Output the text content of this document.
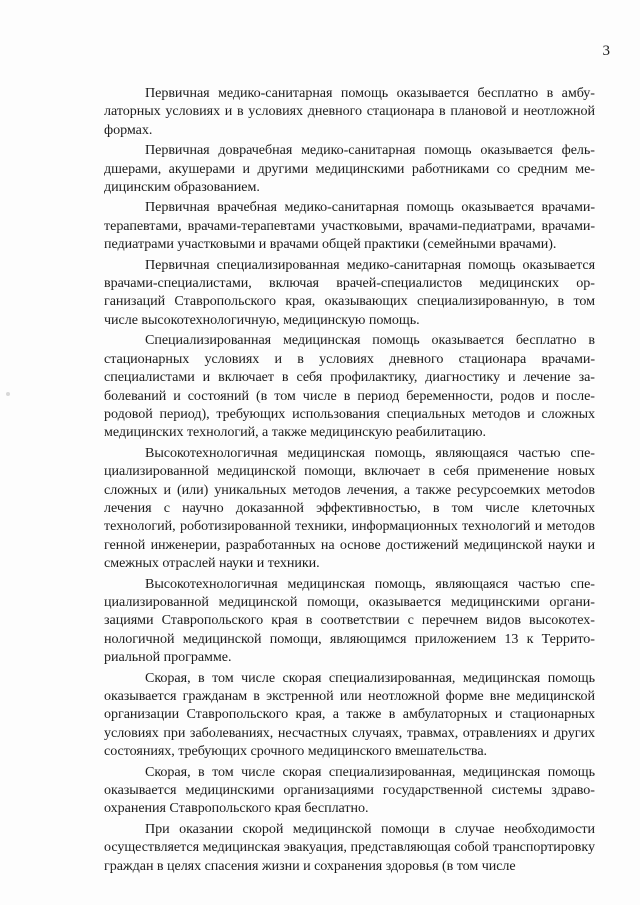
3

Первичная медико-санитарная помощь оказывается бесплатно в амбулаторных условиях и в условиях дневного стационара в плановой и неотложной формах.

Первичная доврачебная медико-санитарная помощь оказывается фельдшерами, акушерами и другими медицинскими работниками со средним медицинским образованием.

Первичная врачебная медико-санитарная помощь оказывается врачами-терапевтами, врачами-терапевтами участковыми, врачами-педиатрами, врачами-педиатрами участковыми и врачами общей практики (семейными врачами).

Первичная специализированная медико-санитарная помощь оказывается врачами-специалистами, включая врачей-специалистов медицинских организаций Ставропольского края, оказывающих специализированную, в том числе высокотехнологичную, медицинскую помощь.

Специализированная медицинская помощь оказывается бесплатно в стационарных условиях и в условиях дневного стационара врачами-специалистами и включает в себя профилактику, диагностику и лечение заболеваний и состояний (в том числе в период беременности, родов и послеродовой период), требующих использования специальных методов и сложных медицинских технологий, а также медицинскую реабилитацию.

Высокотехнологичная медицинская помощь, являющаяся частью специализированной медицинской помощи, включает в себя применение новых сложных и (или) уникальных методов лечения, а также ресурсоемких метоdов лечения с научно доказанной эффективностью, в том числе клеточных технологий, роботизированной техники, информационных технологий и методов генной инженерии, разработанных на основе достижений медицинской науки и смежных отраслей науки и техники.

Высокотехнологичная медицинская помощь, являющаяся частью специализированной медицинской помощи, оказывается медицинскими организациями Ставропольского края в соответствии с перечнем видов высокотехнологичной медицинской помощи, являющимся приложением 13 к Территориальной программе.

Скорая, в том числе скорая специализированная, медицинская помощь оказывается гражданам в экстренной или неотложной форме вне медицинской организации Ставропольского края, а также в амбулаторных и стационарных условиях при заболеваниях, несчастных случаях, травмах, отравлениях и других состояниях, требующих срочного медицинского вмешательства.

Скорая, в том числе скорая специализированная, медицинская помощь оказывается медицинскими организациями государственной системы здравоохранения Ставропольского края бесплатно.

При оказании скорой медицинской помощи в случае необходимости осуществляется медицинская эвакуация, представляющая собой транспортировку граждан в целях спасения жизни и сохранения здоровья (в том числе
